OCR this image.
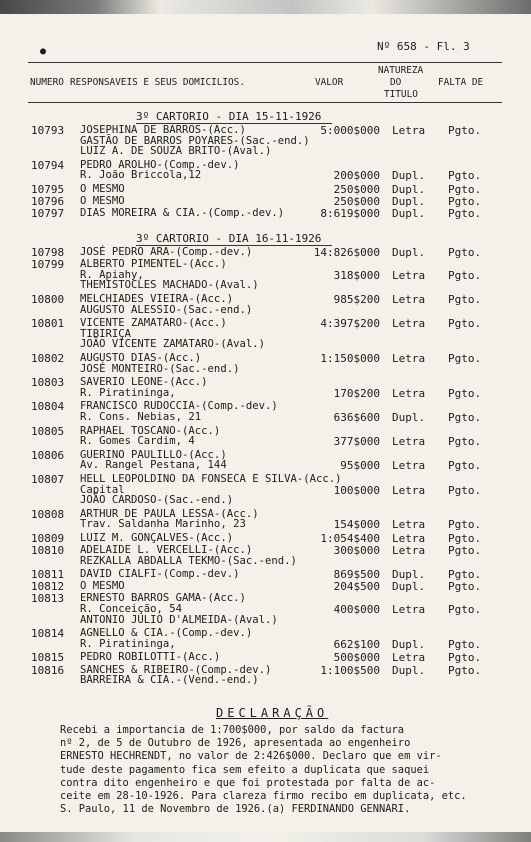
●	Nº 658 - Fl. 3
NUMERO RESPONSAVEIS E SEUS DOMICILIOS.	VALOR
NATUREZA
DO
TITULO
FALTA DE
3º CARTORIO - DIA 15-11-1926
10793 JOSEPHINA DE BARROS-(Acc.)
GASTÃO DE BARROS POYARES-(Sac.-end.)
LUIZ A. DE SOUZA BRITO-(Aval.)
5:000$000 Letra Pgto.
10794 PEDRO AROLHO-(Comp.-dev.)
R. João Briccola,12	200$000 Dupl. Pgto.
10795 O MESMO	250$000 Dupl. Pgto.
10796 O MESMO	250$000 Dupl. Pgto.
10797 DIAS MOREIRA & CIA.-(Comp.-dev.)	8:619$000 Dupl. Pgto.
3º CARTORIO - DIA 16-11-1926
10798 JOSÉ PEDRO ARA-(Comp.-dev.)	14:826$000 Dupl. Pgto.
10799 ALBERTO PIMENTEL-(Acc.)
R. Apiahy,
THEMISTOCLES MACHADO-(Aval.)
318$000 Letra Pgto.
10800 MELCHIADES VIEIRA-(Acc.)
AUGUSTO ALESSIO-(Sac.-end.)
985$200 Letra Pgto.
10801 VICENTE ZAMATARO-(Acc.)
TIBIRIÇA
JOÃO VICENTE ZAMATARO-(Aval.)
4:397$200 Letra Pgto.
10802 AUGUSTO DIAS-(Acc.)
JOSÉ MONTEIRO-(Sac.-end.)
1:150$000 Letra Pgto.
10803 SAVERIO LEONE-(Acc.)
R. Piratininga,	170$200 Letra Pgto.
10804 FRANCISCO RUDOCCIA-(Comp.-dev.)
R. Cons. Nebias, 21	636$600 Dupl. Pgto.
10805 RAPHAEL TOSCANO-(Acc.)
R. Gomes Cardim, 4	377$000 Letra Pgto.
10806 GUERINO PAULILLO-(Acc.)
Av. Rangel Pestana, 144	95$000 Letra Pgto.
10807 HELL LEOPOLDINO DA FONSECA E SILVA-(Acc.)
Capital
JOÃO CARDOSO-(Sac.-end.)
100$000 Letra Pgto.
10808 ARTHUR DE PAULA LESSA-(Acc.)
Trav. Saldanha Marinho, 23	154$000 Letra Pgto.
10809 LUIZ M. GONÇALVES-(Acc.)	1:054$400 Letra Pgto.
10810 ADELAIDE L. VERCELLI-(Acc.)
REZKALLA ABDALLA TEKMO-(Sac.-end.)
300$000 Letra Pgto.
10811 DAVID CIALFI-(Comp.-dev.)	869$500 Dupl. Pgto.
10812 O MESMO	204$500 Dupl. Pgto.
10813 ERNESTO BARROS GAMA-(Acc.)
R. Conceição, 54
ANTONIO JULIO D'ALMEIDA-(Aval.)
400$000 Letra Pgto.
10814 AGNELLO & CIA.-(Comp.-dev.)
R. Piratininga,	662$100 Dupl. Pgto.
10815 PEDRO ROBILOTTI-(Acc.)	500$000 Letra Pgto.
10816 SANCHES & RIBEIRO-(Comp.-dev.)
BARREIRA & CIA.-(Vend.-end.)
1:100$500 Dupl. Pgto.
DECLARAÇÃO
Recebi a importancia de 1:700$000, por saldo da factura
nº 2, de 5 de Outubro de 1926, apresentada ao engenheiro
ERNESTO HECHRENDT, no valor de 2:426$000. Declaro que em vir-
tude deste pagamento fica sem efeito a duplicata que saquei
contra dito engenheiro e que foi protestada por falta de ac-
ceite em 28-10-1926. Para clareza firmo recibo em duplicata, etc.
S. Paulo, 11 de Novembro de 1926.(a) FERDINANDO GENNARI.
